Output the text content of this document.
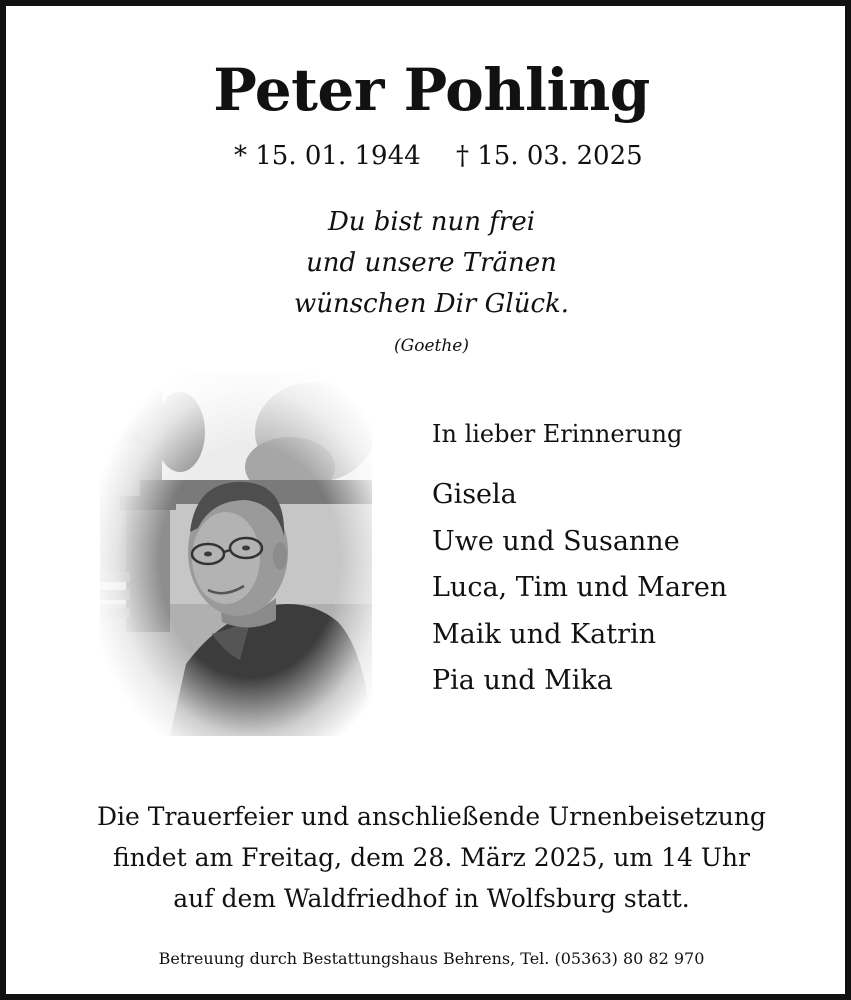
Peter Pohling
* 15. 01. 1944 † 15. 03. 2025
Du bist nun frei
und unsere Tränen
wünschen Dir Glück.
(Goethe)
In lieber Erinnerung
Gisela
Uwe und Susanne
Luca, Tim und Maren
Maik und Katrin
Pia und Mika
Die Trauerfeier und anschließende Urnenbeisetzung
findet am Freitag, dem 28. März 2025, um 14 Uhr
auf dem Waldfriedhof in Wolfsburg statt.
Betreuung durch Bestattungshaus Behrens, Tel. (05363) 80 82 970
